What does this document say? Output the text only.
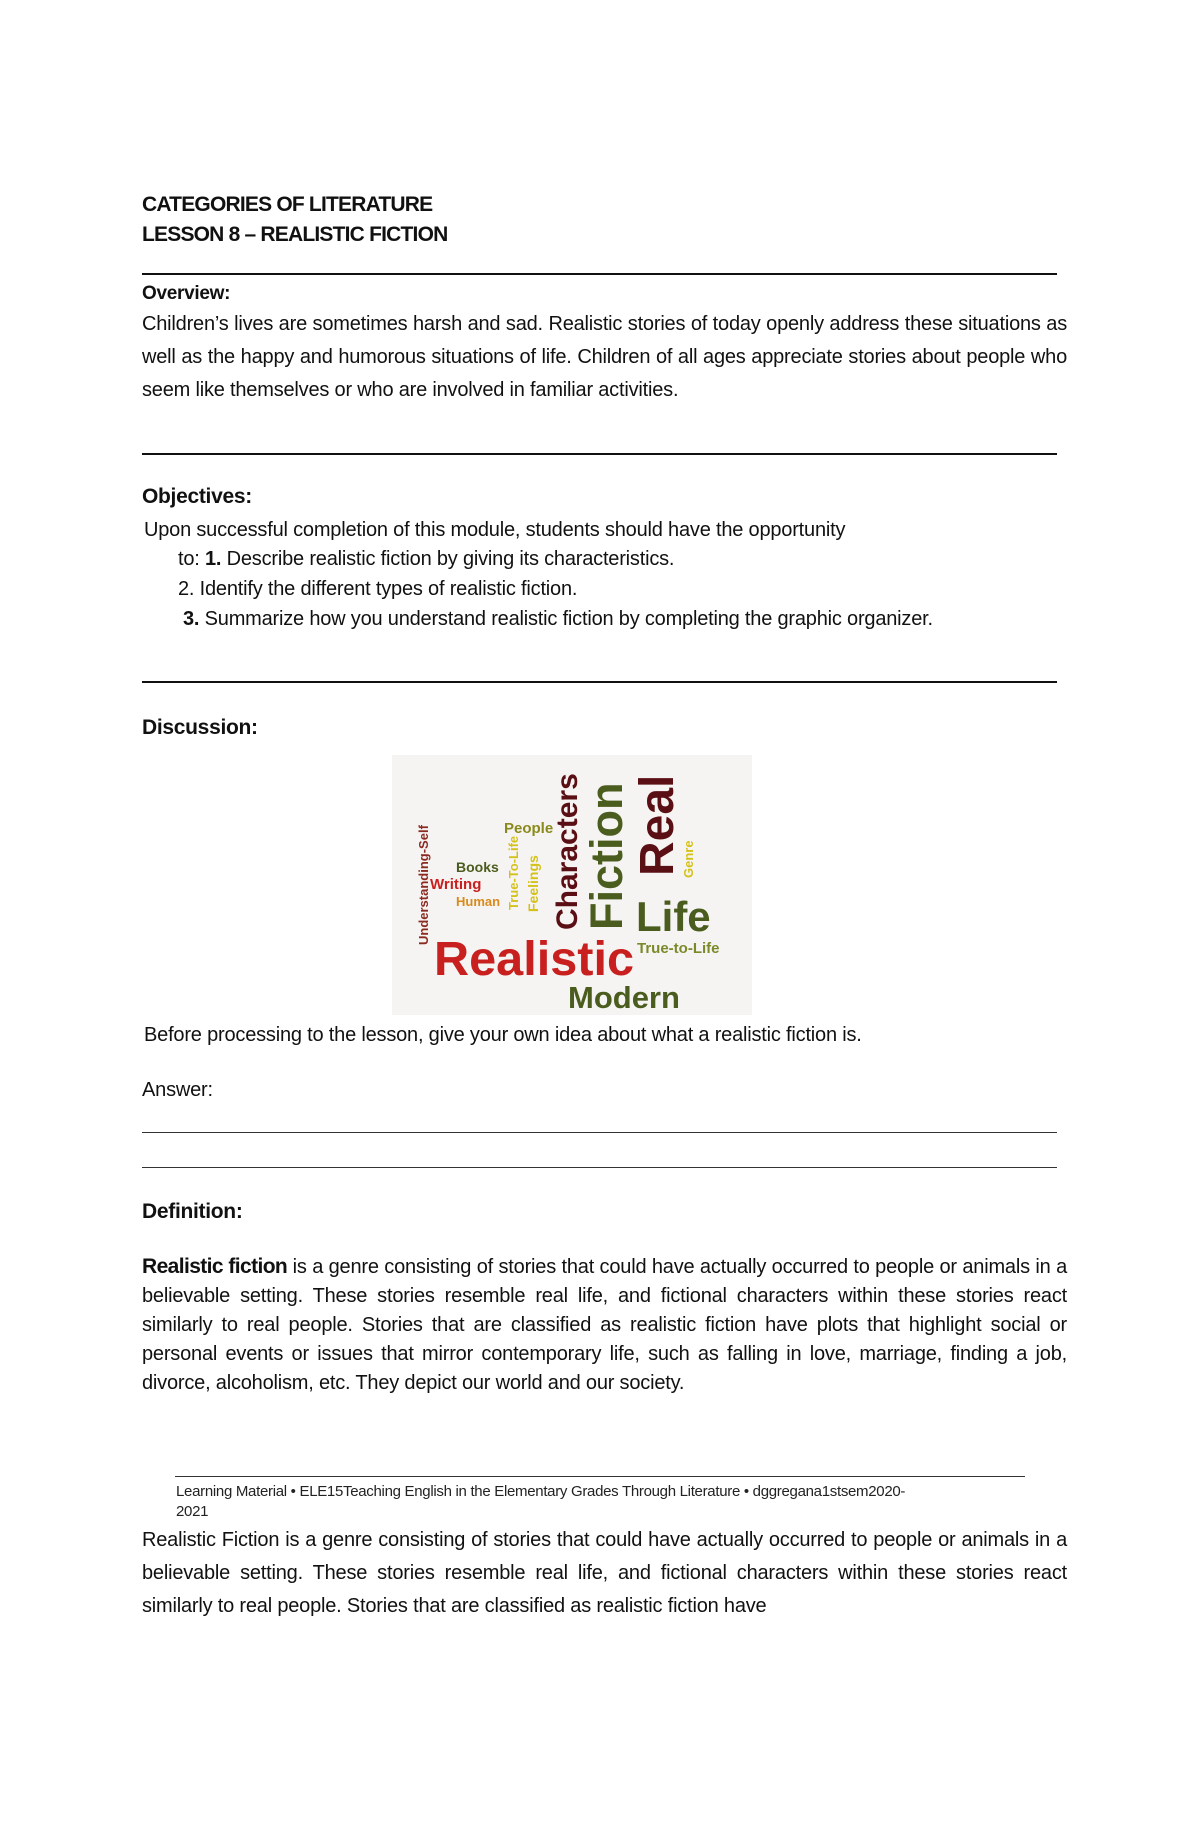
CATEGORIES OF LITERATURE
LESSON 8 – REALISTIC FICTION
Overview:
Children’s lives are sometimes harsh and sad. Realistic stories of today openly address these situations as well as the happy and humorous situations of life. Children of all ages appreciate stories about people who seem like themselves or who are involved in familiar activities.
Objectives:
Upon successful completion of this module, students should have the opportunity
to: 1. Describe realistic fiction by giving its characteristics.
2. Identify the different types of realistic fiction.
3. Summarize how you understand realistic fiction by completing the graphic organizer.
Discussion:
Understanding-Self	People
Books
Writing
Human True-To-Life Feelings Characters
Fiction Real
Genre
Life
Realistic True-to-Life
Modern
Before processing to the lesson, give your own idea about what a realistic fiction is.
Answer:
Definition:
Realistic fiction is a genre consisting of stories that could have actually occurred to people or animals in a believable setting. These stories resemble real life, and fictional characters within these stories react similarly to real people. Stories that are classified as realistic fiction have plots that highlight social or personal events or issues that mirror contemporary life, such as falling in love, marriage, finding a job, divorce, alcoholism, etc. They depict our world and our society.
Learning Material • ELE15Teaching English in the Elementary Grades Through Literature • dggregana1stsem2020-
2021
Realistic Fiction is a genre consisting of stories that could have actually occurred to people or animals in a believable setting. These stories resemble real life, and fictional characters within these stories react similarly to real people. Stories that are classified as realistic fiction have
